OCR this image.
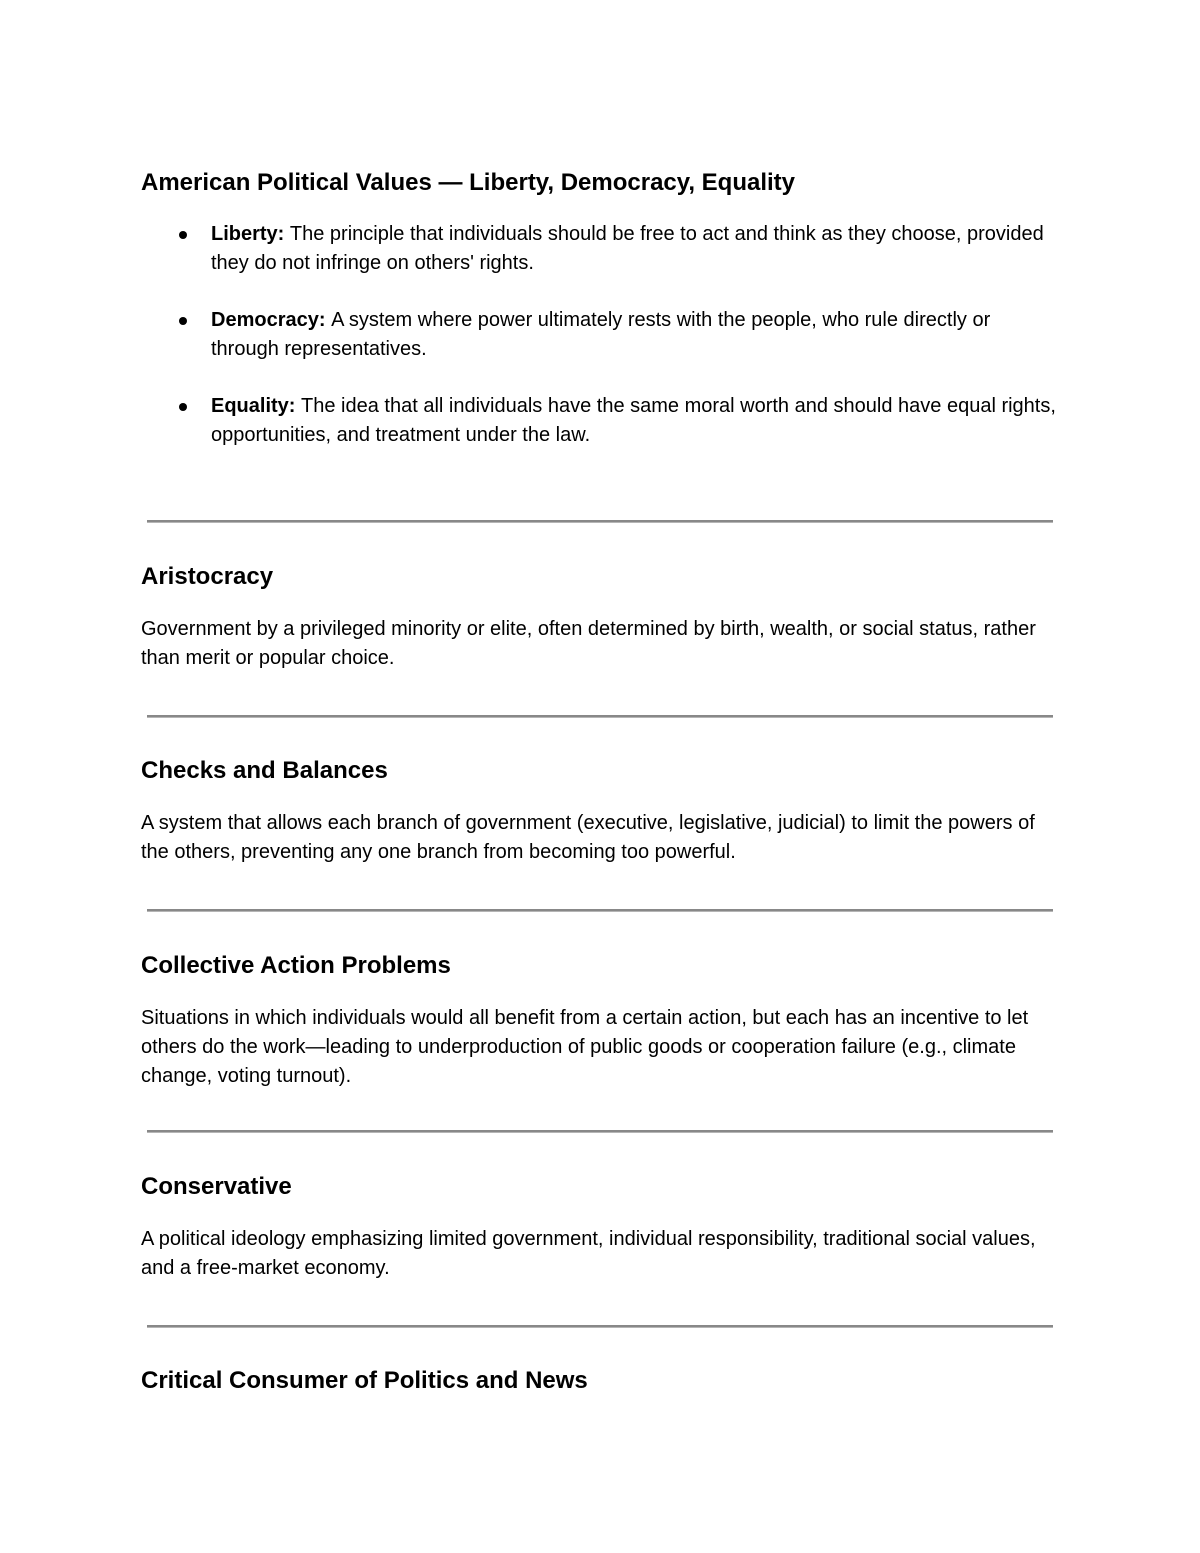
American Political Values — Liberty, Democracy, Equality
Liberty: The principle that individuals should be free to act and think as they choose, provided they do not infringe on others' rights.
Democracy: A system where power ultimately rests with the people, who rule directly or through representatives.
Equality: The idea that all individuals have the same moral worth and should have equal rights, opportunities, and treatment under the law.
Aristocracy

Government by a privileged minority or elite, often determined by birth, wealth, or social status, rather than merit or popular choice.

Checks and Balances

A system that allows each branch of government (executive, legislative, judicial) to limit the powers of the others, preventing any one branch from becoming too powerful.

Collective Action Problems

Situations in which individuals would all benefit from a certain action, but each has an incentive to let others do the work—leading to underproduction of public goods or cooperation failure (e.g., climate change, voting turnout).

Conservative

A political ideology emphasizing limited government, individual responsibility, traditional social values, and a free-market economy.

Critical Consumer of Politics and News
